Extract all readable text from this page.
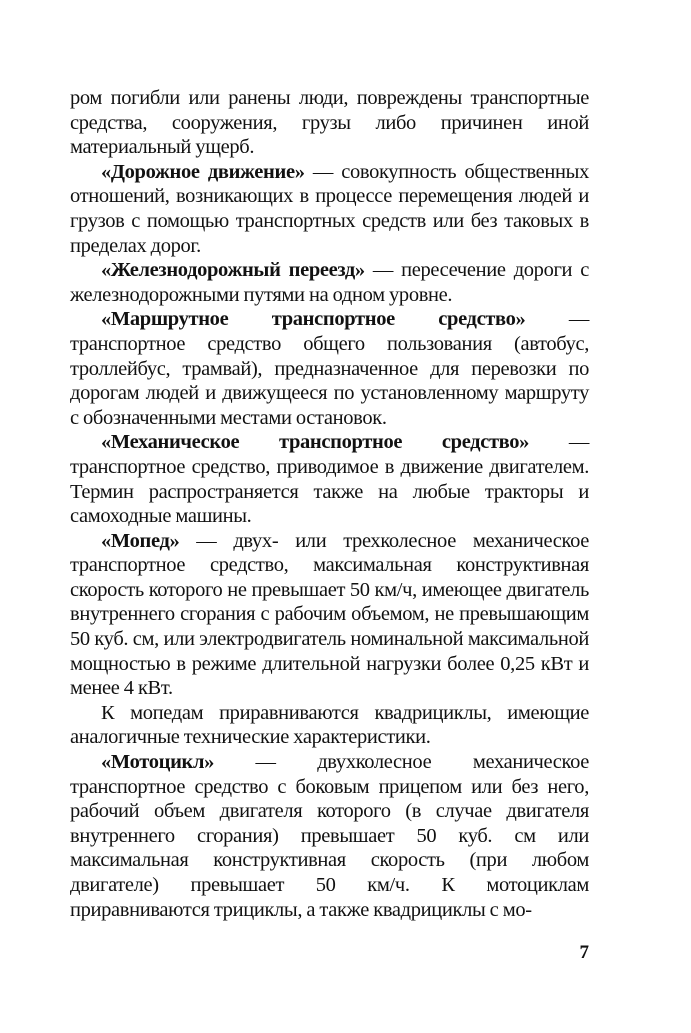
ром погибли или ранены люди, повреждены транспортные средства, сооружения, грузы либо причинен иной материальный ущерб.

«Дорожное движение» — совокупность общественных отношений, возникающих в процессе перемещения людей и грузов с помощью транспортных средств или без таковых в пределах дорог.

«Железнодорожный переезд» — пересечение дороги с железнодорожными путями на одном уровне.

«Маршрутное транспортное средство» — транспортное средство общего пользования (автобус, троллейбус, трамвай), предназначенное для перевозки по дорогам людей и движущееся по установленному маршруту с обозначенными местами остановок.

«Механическое транспортное средство» — транспортное средство, приводимое в движение двигателем. Термин распространяется также на любые тракторы и самоходные машины.

«Мопед» — двух- или трехколесное механическое транспортное средство, максимальная конструктивная скорость которого не превышает 50 км/ч, имеющее двигатель внутреннего сгорания с рабочим объемом, не превышающим 50 куб. см, или электродвигатель номинальной максимальной мощностью в режиме длительной нагрузки более 0,25 кВт и менее 4 кВт.

К мопедам приравниваются квадрициклы, имеющие аналогичные технические характеристики.

«Мотоцикл» — двухколесное механическое транспортное средство с боковым прицепом или без него, рабочий объем двигателя которого (в случае двигателя внутреннего сгорания) превышает 50 куб. см или максимальная конструктивная скорость (при любом двигателе) превышает 50 км/ч. К мотоциклам приравниваются трициклы, а также квадрициклы с мо-

7
